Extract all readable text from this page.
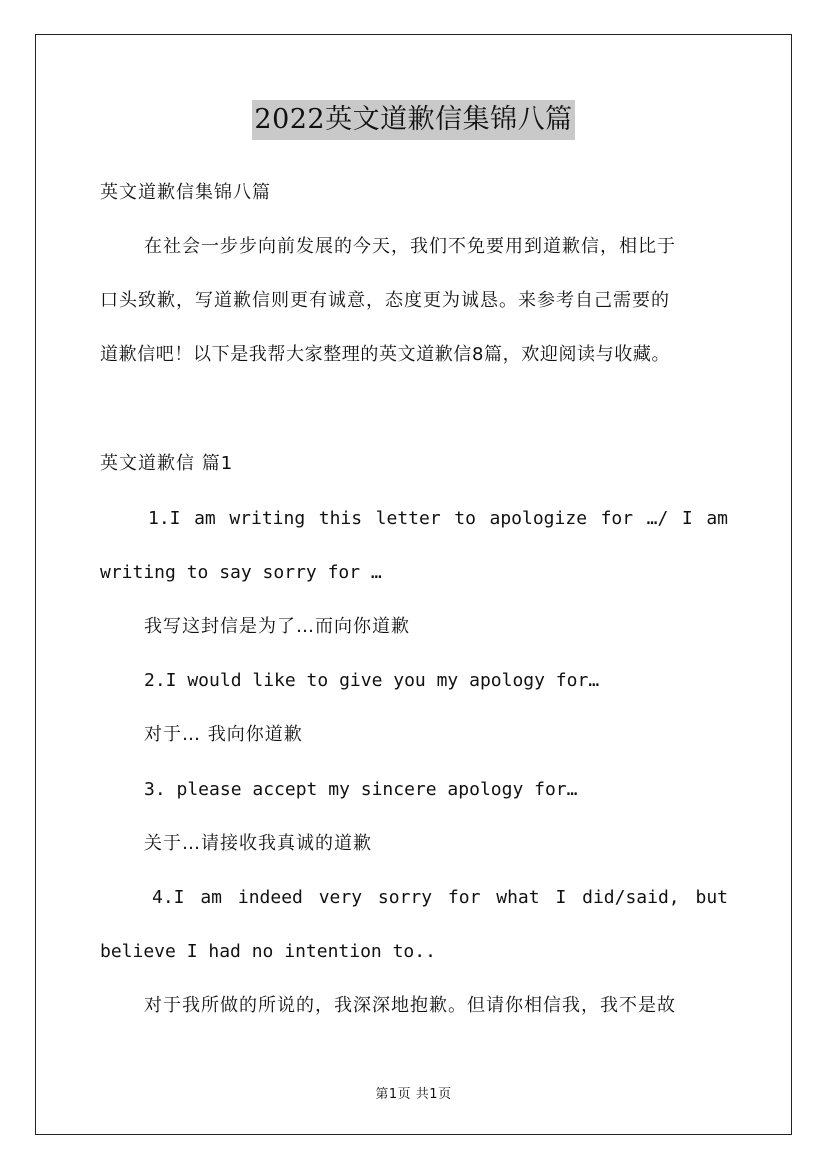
2022英文道歉信集锦八篇
英文道歉信集锦八篇
在社会一步步向前发展的今天，我们不免要用到道歉信，相比于
口头致歉，写道歉信则更有诚意，态度更为诚恳。来参考自己需要的
道歉信吧！以下是我帮大家整理的英文道歉信8篇，欢迎阅读与收藏。
英文道歉信 篇1
1.I am writing this letter to apologize for …/ I am
writing to say sorry for …
我写这封信是为了…而向你道歉
2.I would like to give you my apology for…
对于… 我向你道歉
3. please accept my sincere apology for…
关于…请接收我真诚的道歉
4.I am indeed very sorry for what I did/said, but
believe I had no intention to..
对于我所做的所说的，我深深地抱歉。但请你相信我，我不是故
第1页 共1页
